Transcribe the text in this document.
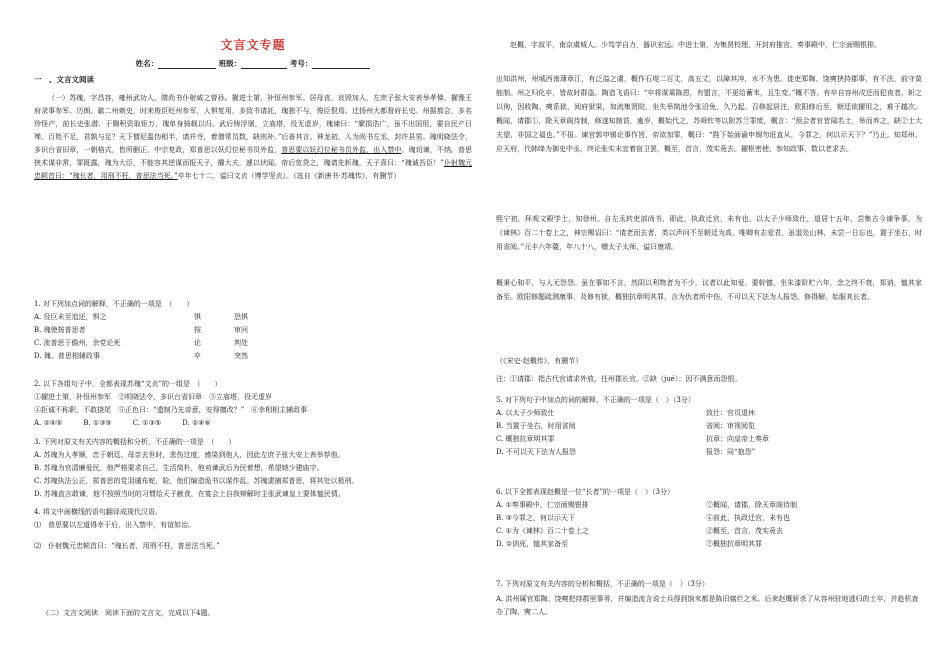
文言文专题
姓名：	班级：	考号：
一　、文言文阅读
（一）苏瑰，字昌容，雍州武功人，隋尚书仆射威之曾孙。擢进士第，补恒州参军。居母丧，哀毁加人，左庶子张大安表举孝悌，擢豫王府录事参军。历朗、歙二州刺史，时来俊臣贬州参军，人惧复用，多致书请託，瑰独不与，俊臣恨焉。迁扬州大都督府长史。州据都会，多名珍怪产，前长史张潜、于翱积资取钜万，瑰单身骑载以归。武后铸浮屠，立庙塔，役无虚岁，瑰谏曰：“縻损浩广，虽不出国用，要自民产日殚。百姓不足，君孰与足？天下僧尼滥伪相半，请并寺，着僧常员数，缺则补。”后善其言。神龙初，入为尚书左丞，封许县男。瑰明晓法令，多识台省旧章，一朝格式，皆所删正。中宗复政，郑普思以妖幻位秘书员外监，普思要以妖幻位秘书员外监，出入禁中。瑰切谏，不纳。普思挟术谋非常，罪既露，瑰为大臣，不能容其逆谋而报天子，擢大夫，遽以状闻。帝后宽贷之，瑰请先斩瑰，天子喜曰：“瑰诚吾臣！”仆射魏元忠顿首曰：“瑰长者，用刑不枉，普思法当死。”卒年七十二，谥曰文贞（博学坚贞）。（选自《新唐书·苏瑰传》，有删节）

1. 对下列加点词的解释，不正确的一项是　（　　）

A. 役巨未至追还，惧之	惧	恐惧
B. 瑰使按普思者	按	审问
C. 流普思于儋州，余党论死	论	判处
D. 瑰、普思相辅政事	卒	突然

2. 以下各组句子中，全都表现苏瑰“文贞”的一组是　（　　）

①擢进士第，补恒州参军　②明晓法令，多识台省旧章　③立庙塔，役无虚岁

④拒诚不称职，不敢挠尾　⑤正色曰：“遗制乃先帝意，安得擅改？”　⑥幸相相主辅政事

A. ②④⑤　　　B. ①③⑤　　　C. ①③⑤　　　D. ②④⑥

3. 下列对原文有关内容的概括和分析，不正确的一项是　（　　）

A. 苏瑰为人孝顺，忠于朝廷、母亲去世时，悲伤过度，感染到他人，因此左庶子张大安上表举荐他。

B. 苏瑰为官清廉爱民，他严格要求自己，生活简朴，他劝谏武后为民着想，希望她少建庙宇。

C. 苏瑰执法公正，郑普思的党羽谴布蛇，险，他们编造诡书以谋作乱。苏瑰逮捕郑普思，将其处以极刑。

D. 苏瑰直言敢谏，他不按照当时的习惯给天子献食，在宴会上自我辩解时主张武谏皇上要体恤民情。

4. 将文中画横线的语句翻译成现代汉语。

⑴　普思要以左道得幸于后，出入禁中，有谊如治。

⑵　仆射魏元忠顿首曰：“瑰长者，用刑不枉，普思法当死。”

（二）文言文阅读　阅读下面的文言文，完成以下4题。
赵概，字叔平，南京虞城人。少笃学自力，器识宏远。中进士第，为集贤校理、开封府推官。奏事殿中，仁宗面赐银排。
出知洪州，州城西南薄章江，有泛溢之虞，概作石堤二百丈，高五丈，以障其冲，水不为患。徙吏郑陶、饶奭挟持郡事，有不法，前守莫能制。州之归化卒，皆故时群盗。陶造飞语曰：“卒将谋乘陈恩，有盟言，不更给蓄米，且生变。”概不答。有卒自容州戍还而犯夜者，斩之以徇，因收陶、奭系狱，阅府狱果，加流集贤院，坐失举简池令张沿免，久乃起。召修起居注，欧阳修后至，朝廷欲擢用之，难于越次。概闻，请郡①，除天章阁待制，修遂知制诰，逾岁，概始代之，苏舜钦等以附苏兰罪废，概言：“预会者官皆闻名士，举而弃之，缺②士大夫望，非国之福也。”不报。谏官郭申锡论事作旨，帝欲加罪，概曰：“陛下始面谕申锡勿诳直从，今罪之，何以示天下？”乃止。知郑州、应天府，代韩绛为御史中丞，终论张实未宜着宿卫罢，概至，首言，茂实竟去。擢枢密使、参知政事，数以老求去。
熙宁初，拜观文殿学士、知徐州。自左丞转吏部尚书，即此，执政迁官，未有也。以太子少师致仕，退居十五年，尝集古今谏争事，为《谏林》百二十卷上之，神宗赐诏曰：“请老而去者，类以声问不至朝廷为高，唯卿有志爱君，虽退处山林，未尝一日忘也，置于坐右，时用省阅。”元丰六年薨，年八十八，赠太子太师，谥曰康靖。
概秉心和平，与人无怨怨。虽在事如不言，然阴以利物者为不少，议者以此知爱。要幹德，坐朱漆阶贮六年，念之终不衰，郑讷，恤其家备至。欧阳修题疏测康事，及修有狱，概独抗章明其罪，言为仇者所中伤，不可以天下法为人报怨。修得解，始服其长者。
（《宋史·赵概传》，有删节）
注：①请郡：指古代官请求外放，任州郡长官。②缺（jué）：因不满意而怨恨。

5. 对下列句子中加点的词的解释，不正确的一项是（　）（3分）

A. 以太子少师致仕	致仕：官员退休
B. 当置于坐右，时用省阅	省阅：审视阅览
C. 概独抗章明其罪	抗章：向皇帝上奏章
D. 不可以天下法为人报怨	报怨：同“抱怨”

6. 以下全都表现赵概是一位“长者”的一项是（　）（3分）

A. ①奏事殿中，仁宗面赐银排	②概闻，请郡，除天章阁待制
B. ③今罪之，何以示天下	④前此，执政迁官，未有也
C. ①为《谏林》百二十卷上之	②概至，首言，茂实竟去
D. ①讷死，恤其家备至	②概独抗章明其罪

7. 下列对原文有关内容的分析和概括，不正确的一项是（　）（3分）

A. 洪州属官郑陶、饶奭把持郡里事务，并编造流言说士兵得到饷米都是陈旧腐烂之米。后来赵概斩杀了从容州驻地逃归的士卒，并趁机查办了陶、奭二人。
